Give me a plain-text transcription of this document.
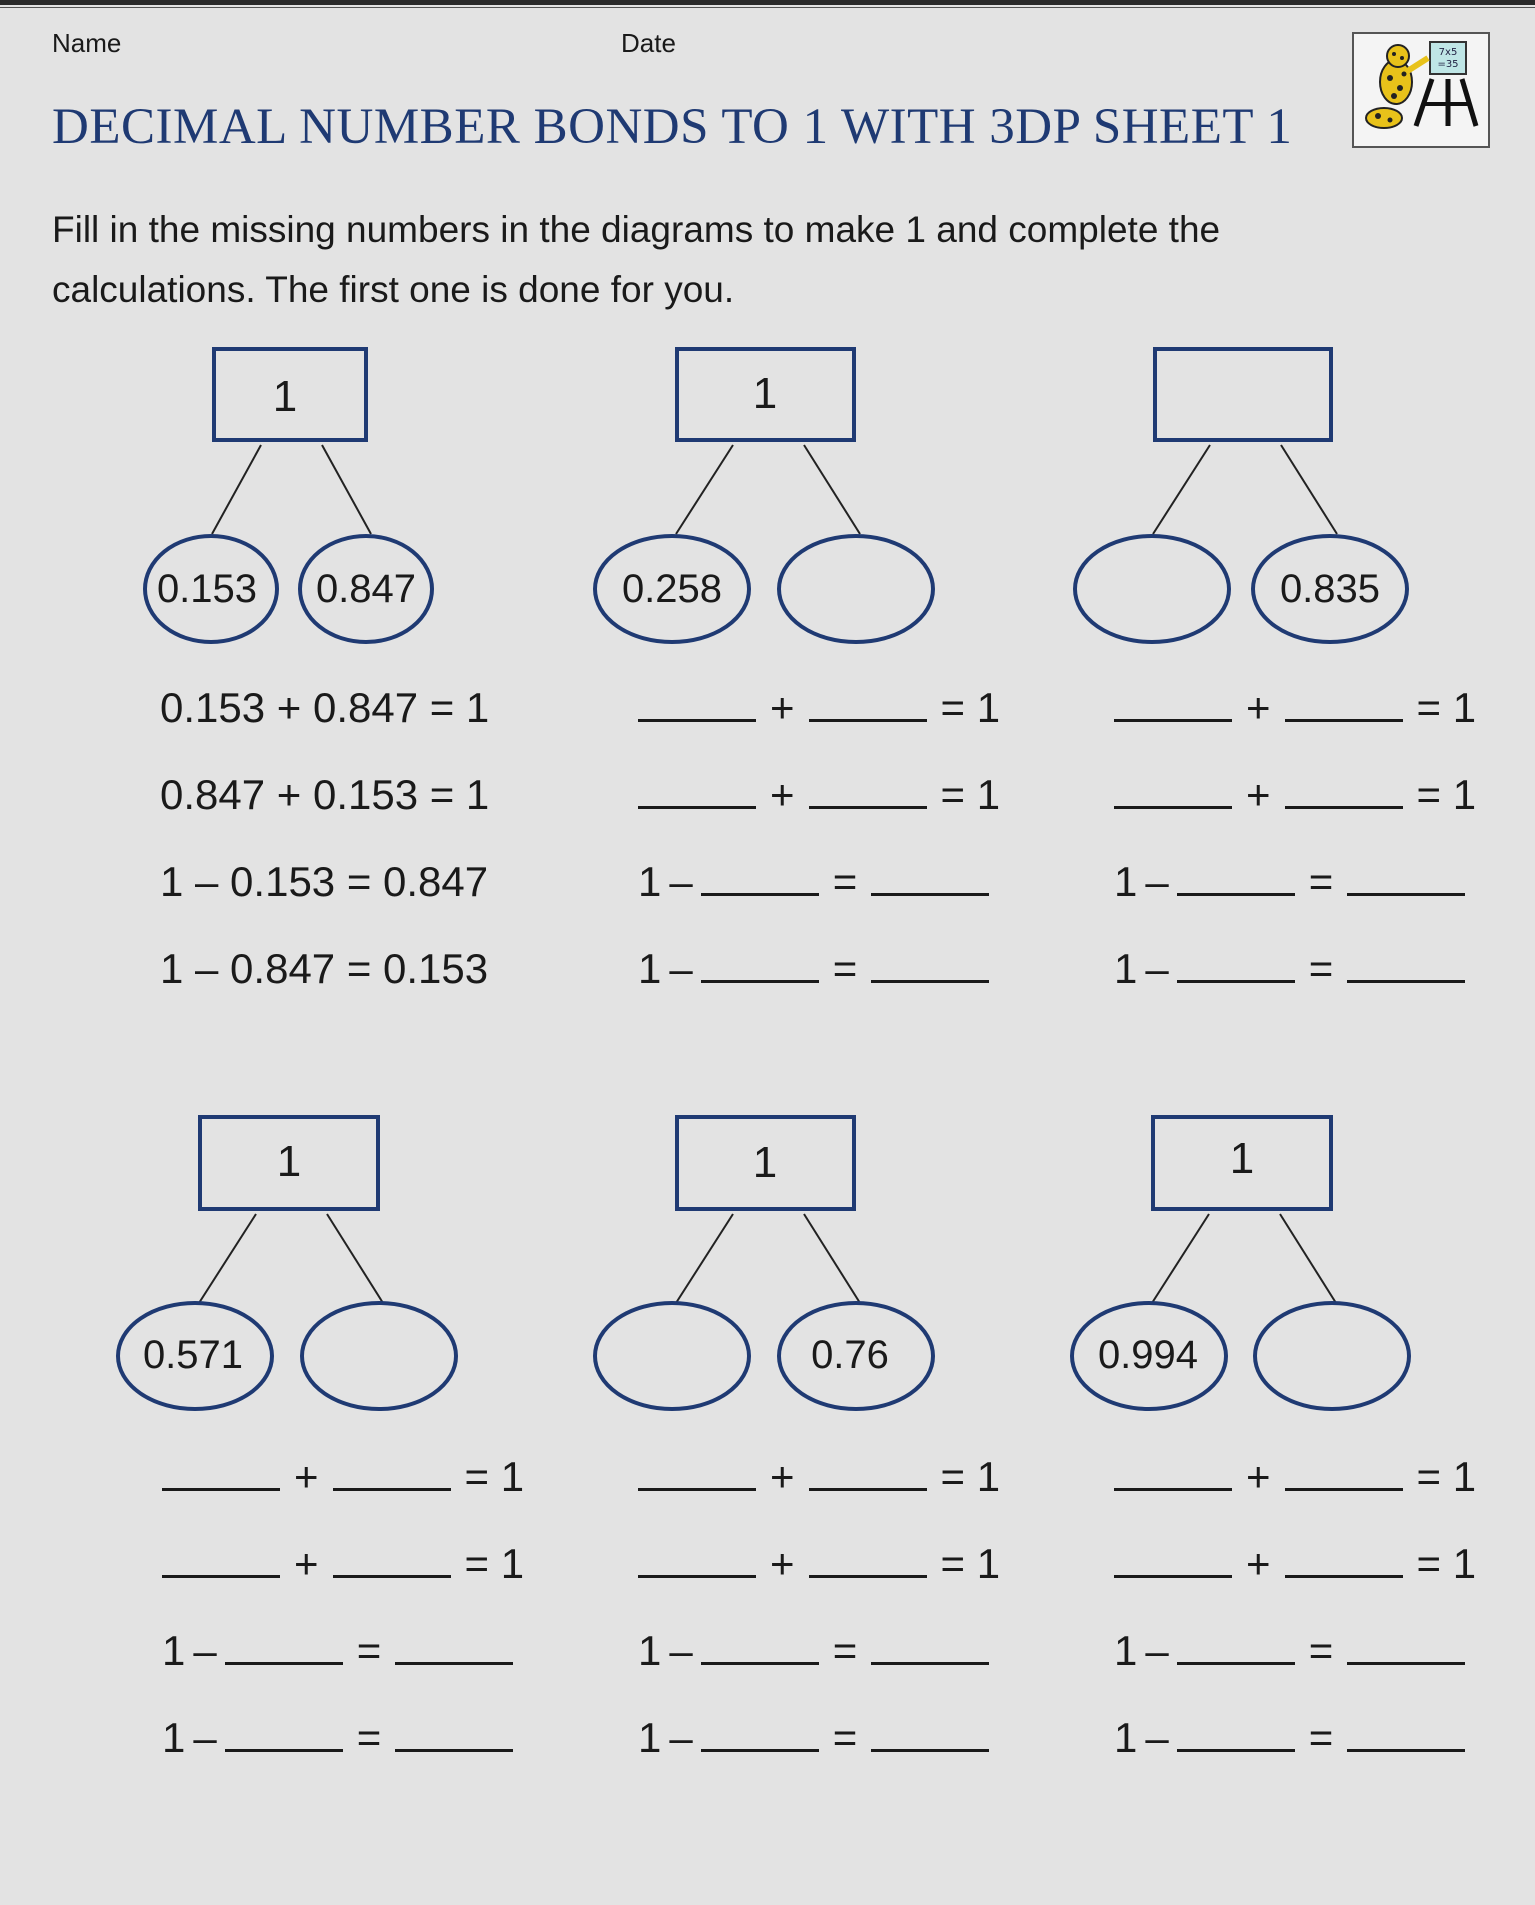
Name	Date
DECIMAL NUMBER BONDS TO 1 WITH 3DP SHEET 1
7x5
=35
Fill in the missing numbers in the diagrams to make 1 and complete the calculations. The first one is done for you.
1
0.153 0.847
1
0.258	0.835
1
0.571
1
0.76
1
0.994
0.153 + 0.847 = 1
0.847 + 0.153 = 1
1 – 0.153 = 0.847
1 – 0.847 = 0.153
+	= 1
+	= 1
1 –	=
1 –	=
+	= 1
+	= 1
1 –	=
1 –	=
+	= 1
+	= 1
1 –	=
1 –	=
+	= 1
+	= 1
1 –	=
1 –	=
+	= 1
+	= 1
1 –	=
1 –	=
